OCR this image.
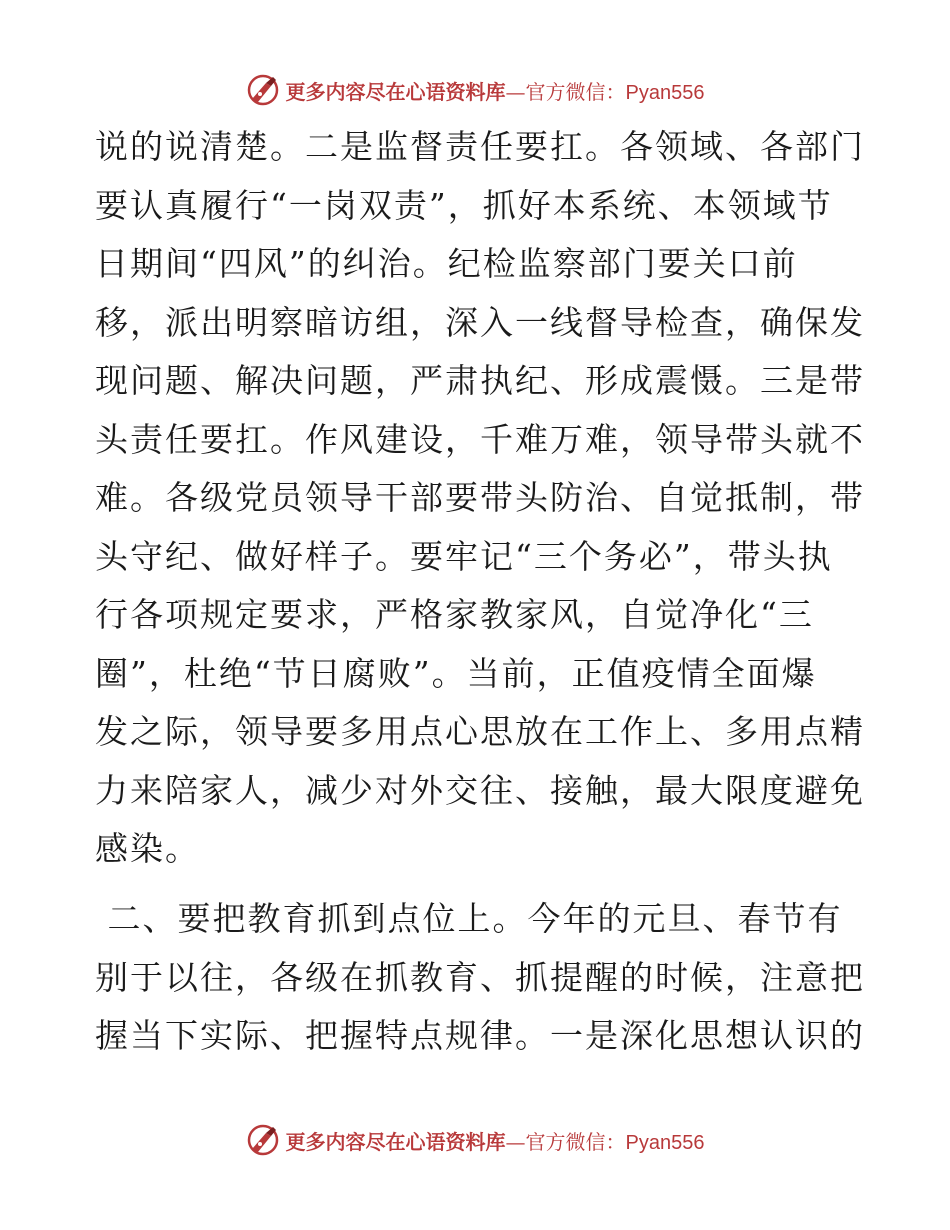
更多内容尽在心语资料库—官方微信：Pyan556
说的说清楚。二是监督责任要扛。各领域、各部门
要认真履行“一岗双责”，抓好本系统、本领域节
日期间“四风”的纠治。纪检监察部门要关口前
移，派出明察暗访组，深入一线督导检查，确保发
现问题、解决问题，严肃执纪、形成震慑。三是带
头责任要扛。作风建设，千难万难，领导带头就不
难。各级党员领导干部要带头防治、自觉抵制，带
头守纪、做好样子。要牢记“三个务必”，带头执
行各项规定要求，严格家教家风，自觉净化“三
圈”，杜绝“节日腐败”。当前，正值疫情全面爆
发之际，领导要多用点心思放在工作上、多用点精
力来陪家人，减少对外交往、接触，最大限度避免
感染。
二、要把教育抓到点位上。今年的元旦、春节有
别于以往，各级在抓教育、抓提醒的时候，注意把
握当下实际、把握特点规律。一是深化思想认识的
更多内容尽在心语资料库—官方微信：Pyan556
